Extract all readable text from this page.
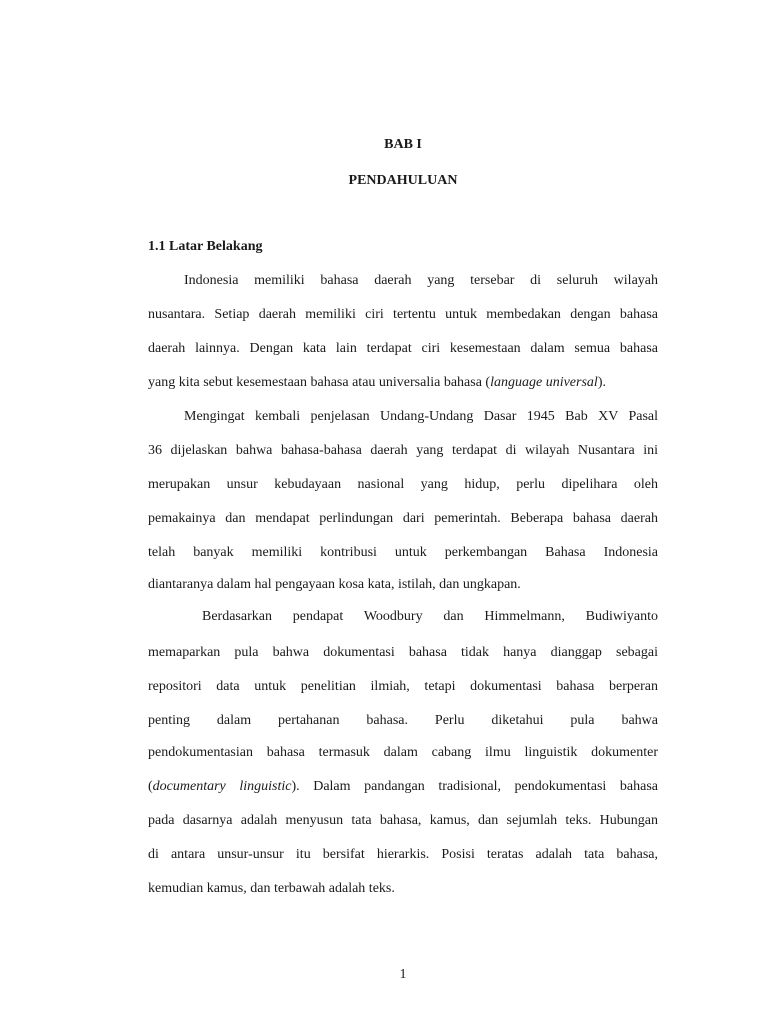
BAB I
PENDAHULUAN
1.1 Latar Belakang
Indonesia memiliki bahasa daerah yang tersebar di seluruh wilayah
nusantara. Setiap daerah memiliki ciri tertentu untuk membedakan dengan bahasa
daerah lainnya. Dengan kata lain terdapat ciri kesemestaan dalam semua bahasa
yang kita sebut kesemestaan bahasa atau universalia bahasa (language universal).
Mengingat kembali penjelasan Undang-Undang Dasar 1945 Bab XV Pasal
36 dijelaskan bahwa bahasa-bahasa daerah yang terdapat di wilayah Nusantara ini
merupakan unsur kebudayaan nasional yang hidup, perlu dipelihara oleh
pemakainya dan mendapat perlindungan dari pemerintah. Beberapa bahasa daerah
telah banyak memiliki kontribusi untuk perkembangan Bahasa Indonesia
diantaranya dalam hal pengayaan kosa kata, istilah, dan ungkapan.
Berdasarkan pendapat Woodbury dan Himmelmann, Budiwiyanto
memaparkan pula bahwa dokumentasi bahasa tidak hanya dianggap sebagai
repositori data untuk penelitian ilmiah, tetapi dokumentasi bahasa berperan
penting dalam pertahanan bahasa. Perlu diketahui pula bahwa
pendokumentasian bahasa termasuk dalam cabang ilmu linguistik dokumenter
(documentary linguistic). Dalam pandangan tradisional, pendokumentasi bahasa
pada dasarnya adalah menyusun tata bahasa, kamus, dan sejumlah teks. Hubungan
di antara unsur-unsur itu bersifat hierarkis. Posisi teratas adalah tata bahasa,
kemudian kamus, dan terbawah adalah teks.
1
